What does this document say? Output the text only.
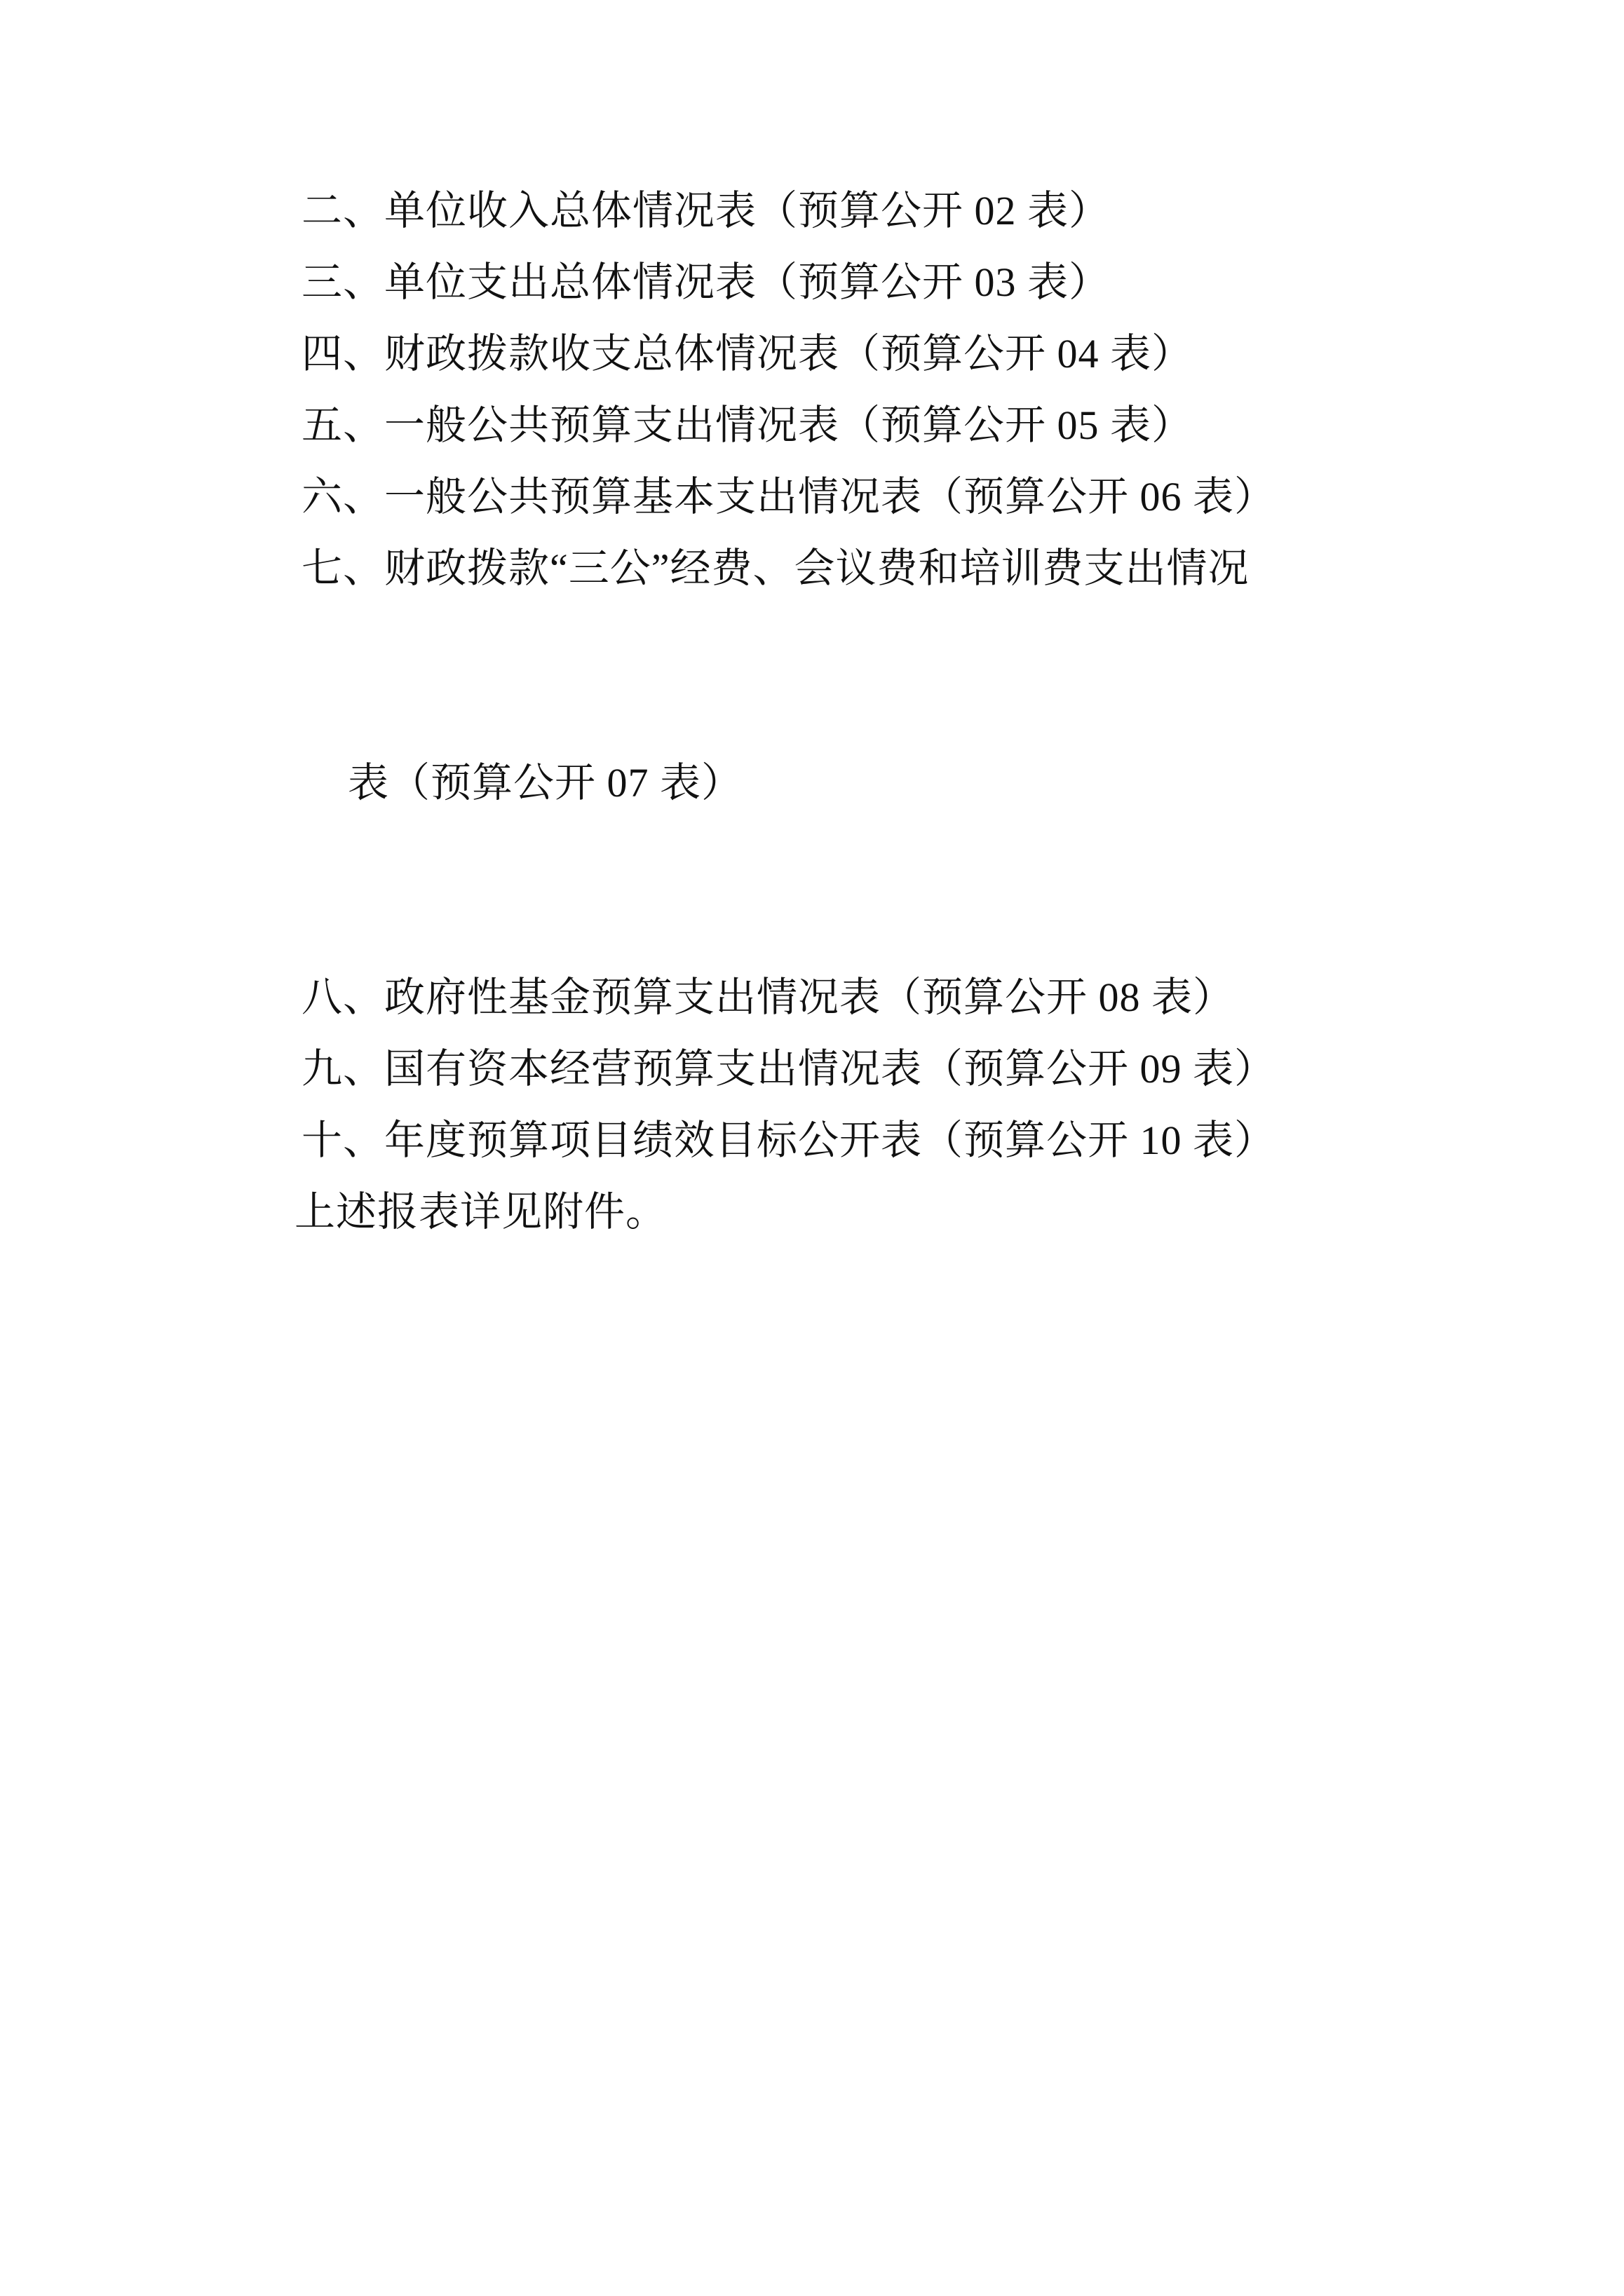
二、单位收入总体情况表（预算公开 02 表）
三、单位支出总体情况表（预算公开 03 表）
四、财政拨款收支总体情况表（预算公开 04 表）
五、一般公共预算支出情况表（预算公开 05 表）
六、一般公共预算基本支出情况表（预算公开 06 表）
七、财政拨款“三公”经费、会议费和培训费支出情况

表（预算公开 07 表）

八、政府性基金预算支出情况表（预算公开 08 表）
九、国有资本经营预算支出情况表（预算公开 09 表）
十、年度预算项目绩效目标公开表（预算公开 10 表）
上述报表详见附件。
